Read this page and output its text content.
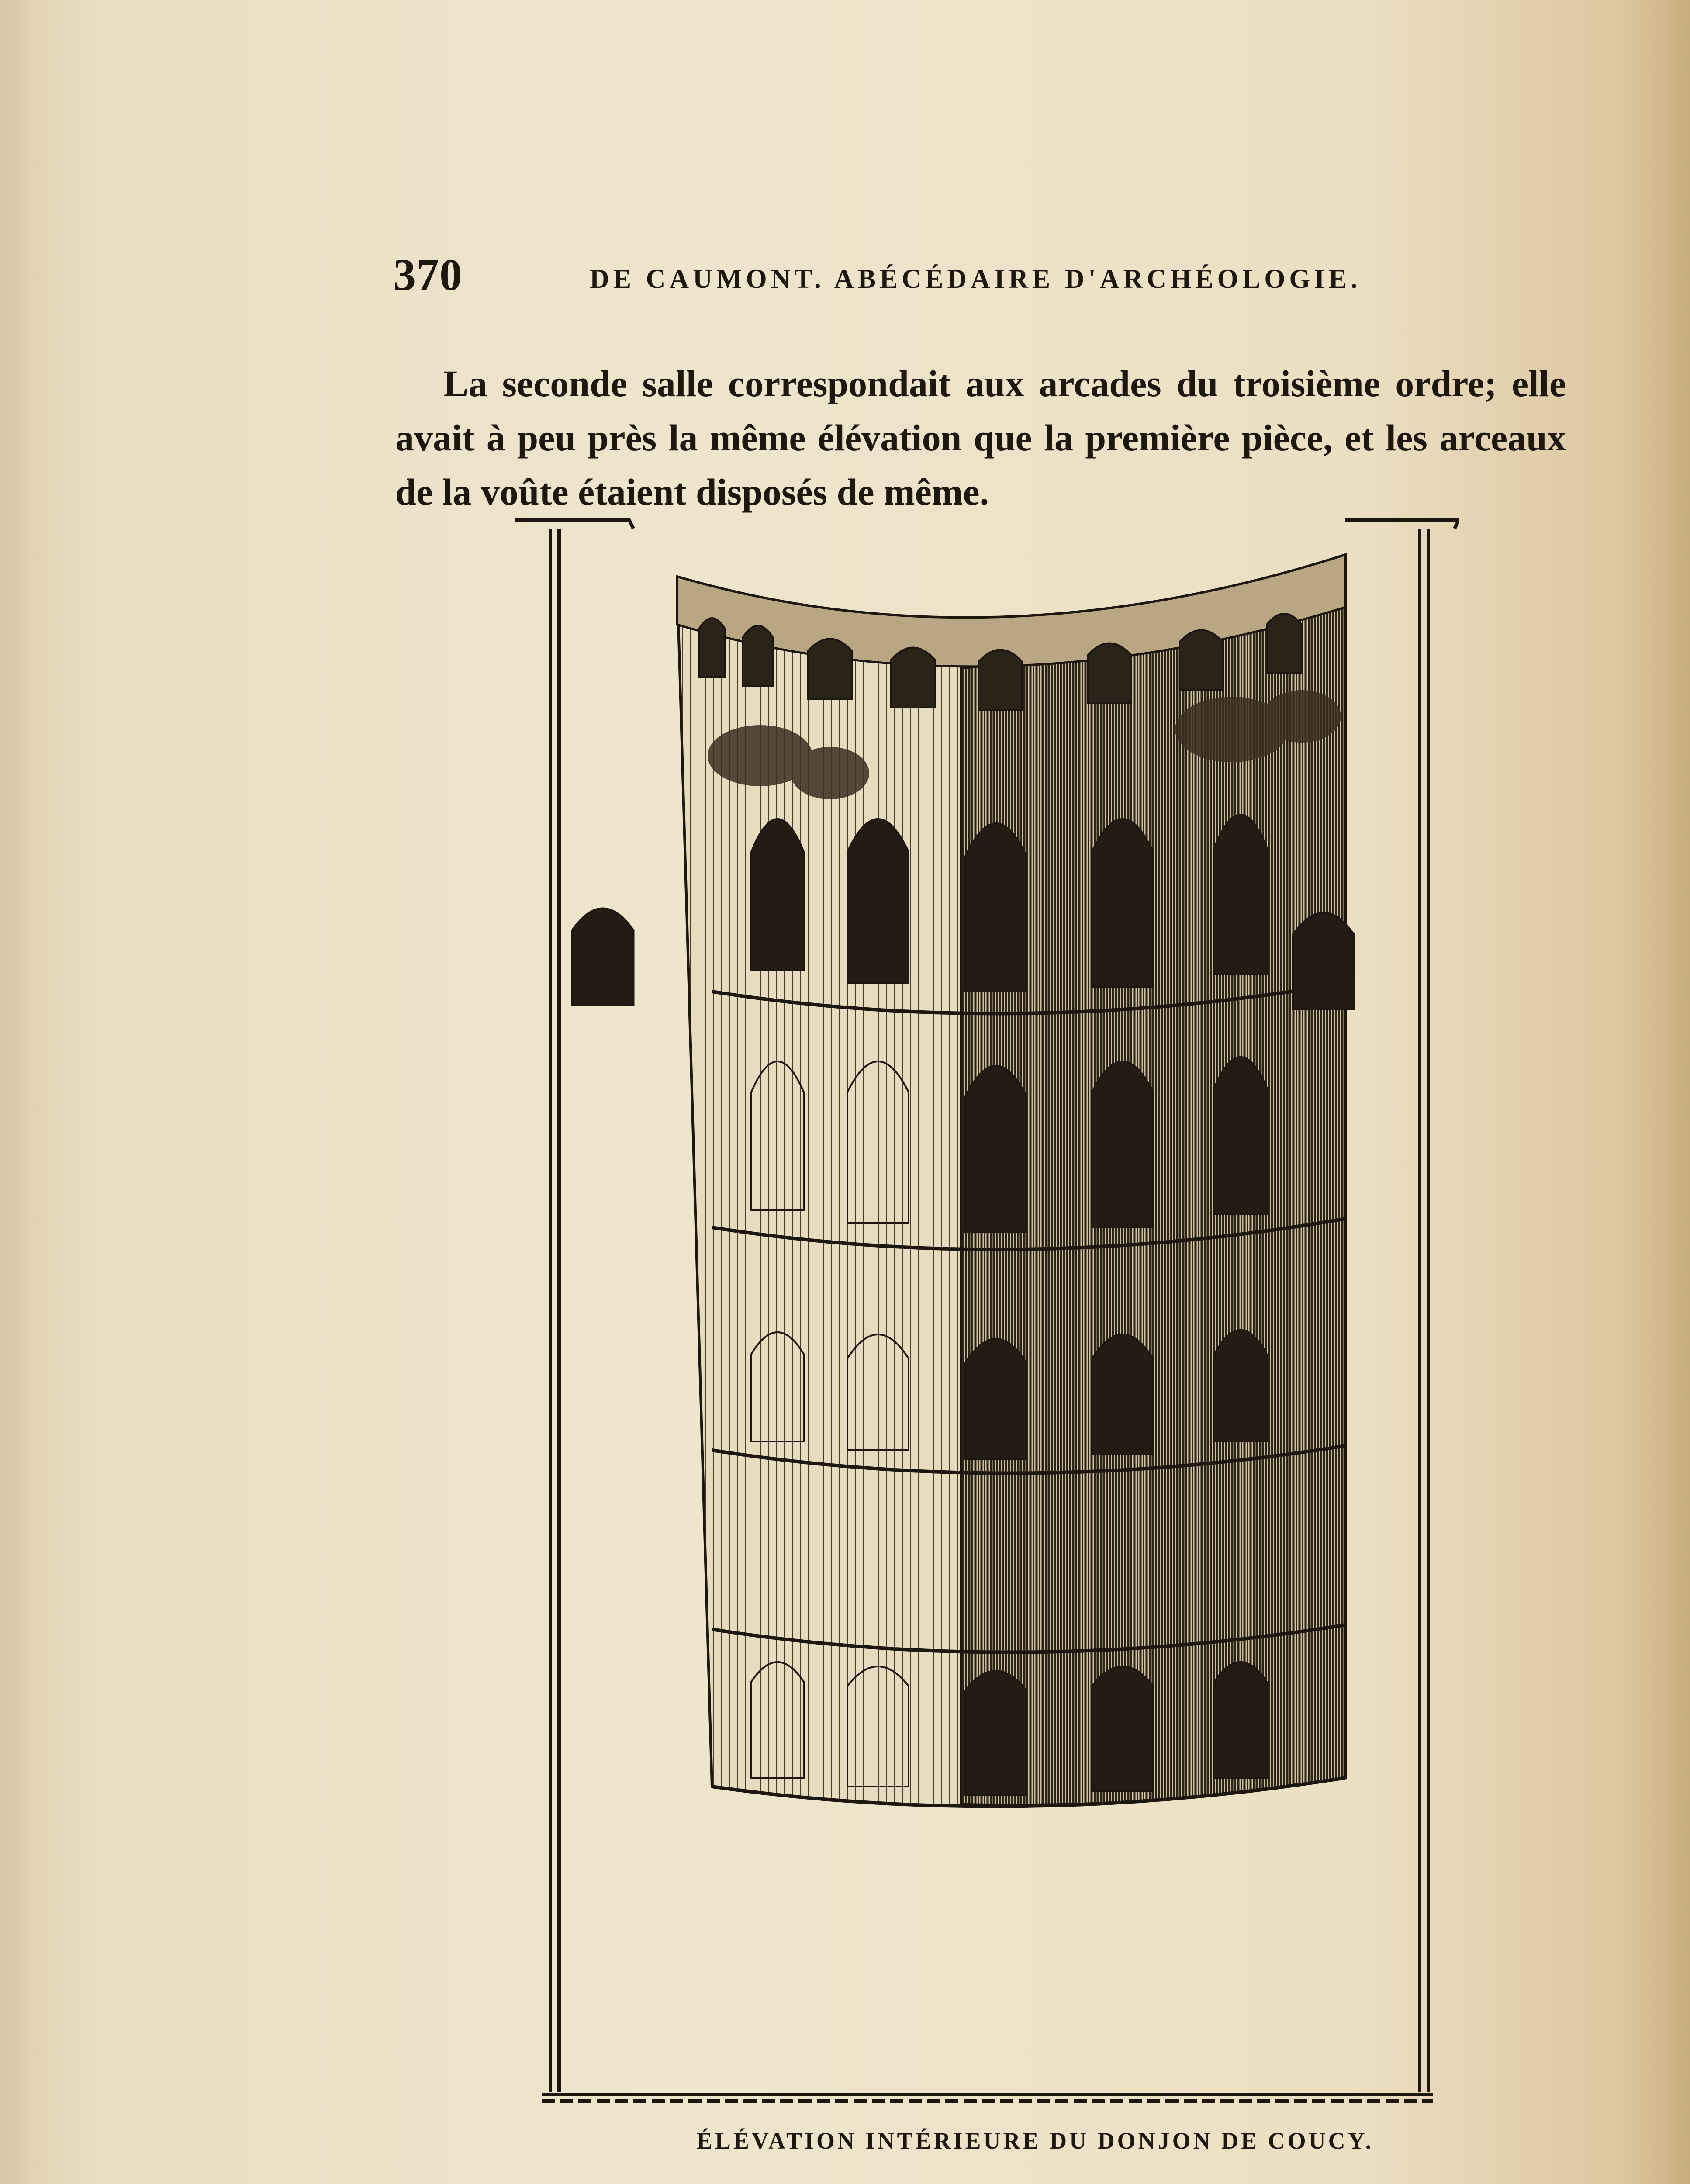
370	DE CAUMONT. ABÉCÉDAIRE D'ARCHÉOLOGIE.

La seconde salle correspondait aux arcades du troisième ordre; elle avait à peu près la même élévation que la première pièce, et les arceaux de la voûte étaient disposés de même.

ÉLÉVATION INTÉRIEURE DU DONJON DE COUCY.
